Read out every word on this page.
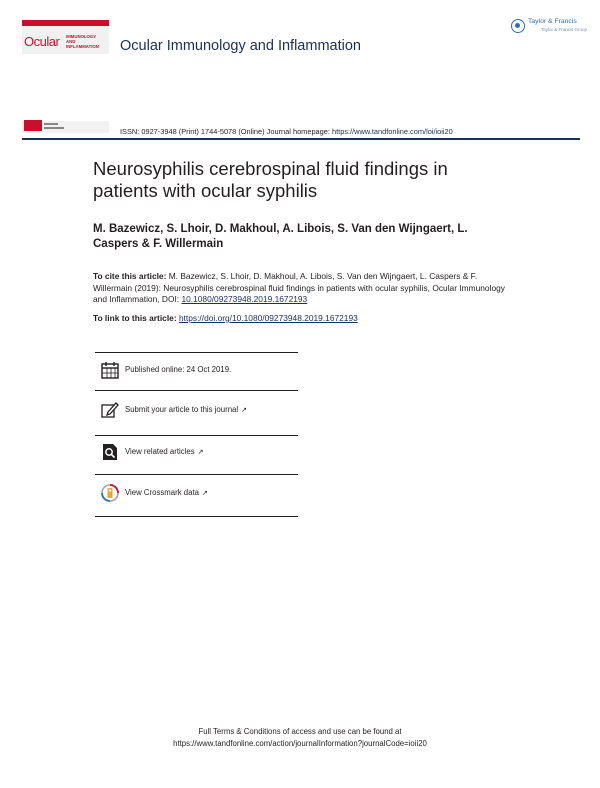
Ocular IMMUNOLOGY AND INFLAMMATION	Ocular Immunology and Inflammation
Taylor & Francis
Taylor & Francis Group
ISSN: 0927-3948 (Print) 1744-5078 (Online) Journal homepage: https://www.tandfonline.com/loi/ioii20
Neurosyphilis cerebrospinal fluid findings in patients with ocular syphilis
M. Bazewicz, S. Lhoir, D. Makhoul, A. Libois, S. Van den Wijngaert, L. Caspers & F. Willermain
To cite this article: M. Bazewicz, S. Lhoir, D. Makhoul, A. Libois, S. Van den Wijngaert, L. Caspers & F. Willermain (2019): Neurosyphilis cerebrospinal fluid findings in patients with ocular syphilis, Ocular Immunology and Inflammation, DOI: 10.1080/09273948.2019.1672193
To link to this article: https://doi.org/10.1080/09273948.2019.1672193
Published online: 24 Oct 2019.
Submit your article to this journal ↗
View related articles ↗
View Crossmark data ↗
Full Terms & Conditions of access and use can be found at
https://www.tandfonline.com/action/journalInformation?journalCode=ioii20
